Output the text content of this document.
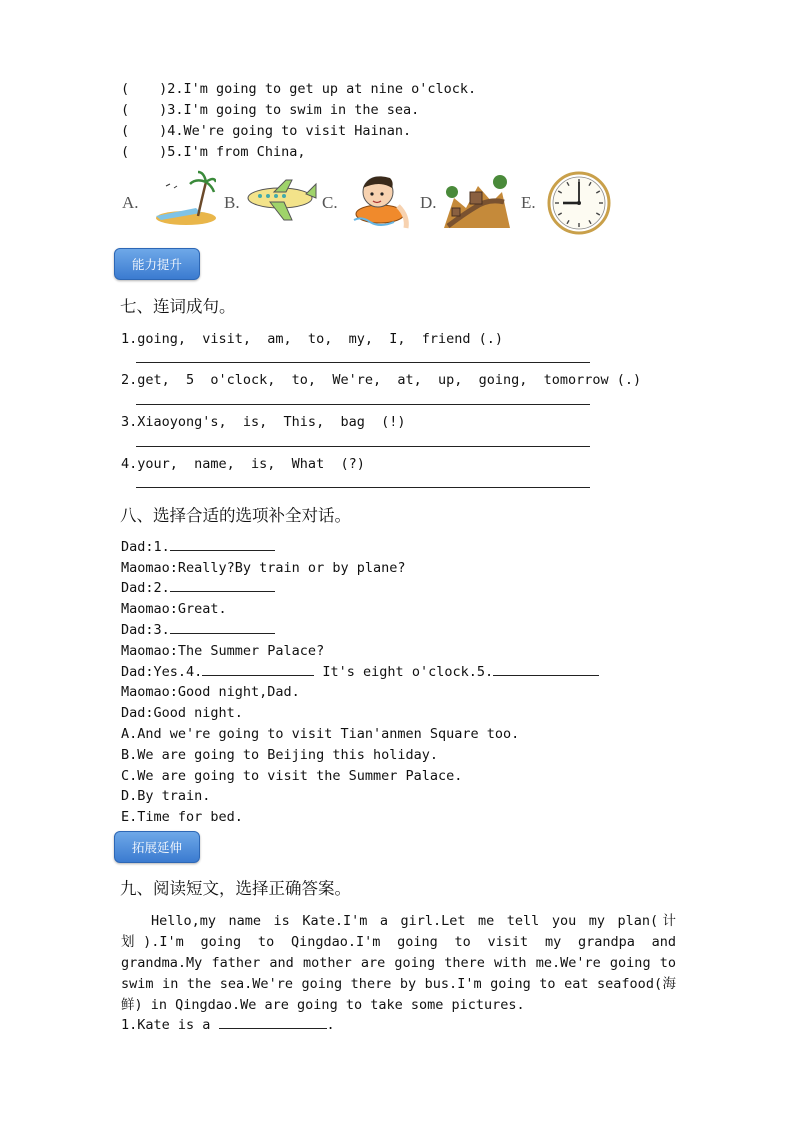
( )2.I'm going to get up at nine o'clock.
( )3.I'm going to swim in the sea.
( )4.We're going to visit Hainan.
( )5.I'm from China,
A.	B.	C.	D.	E.
能力提升
七、连词成句。
1.going,  visit,  am,  to,  my,  I,  friend (.)
2.get,  5  o'clock,  to,  We're,  at,  up,  going,  tomorrow (.)
3.Xiaoyong's,  is,  This,  bag  (!)
4.your,  name,  is,  What  (?)
八、选择合适的选项补全对话。
Dad:1.
Maomao:Really?By train or by plane?
Dad:2.
Maomao:Great.
Dad:3.
Maomao:The Summer Palace?
Dad:Yes.4.	It's eight o'clock.5.
Maomao:Good night,Dad.
Dad:Good night.
A.And we're going to visit Tian'anmen Square too.
B.We are going to Beijing this holiday.
C.We are going to visit the Summer Palace.
D.By train.
E.Time for bed.
拓展延伸
九、阅读短文，选择正确答案。
Hello,my name is Kate.I'm a girl.Let me tell you my plan(计划).I'm going to Qingdao.I'm going to visit my grandpa and grandma.My father and mother are going there with me.We're going to swim in the sea.We're going there by bus.I'm going to eat seafood(海鲜) in Qingdao.We are going to take some pictures.
1.Kate is a	.
